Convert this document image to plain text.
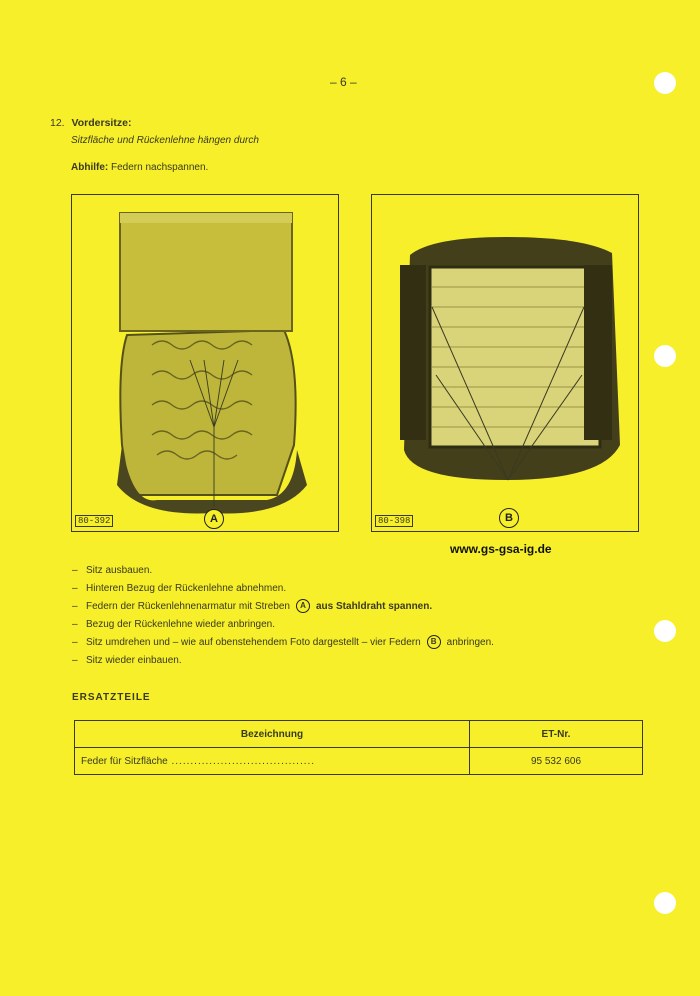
– 6 –
12. Vordersitze:
Sitzfläche und Rückenlehne hängen durch
Abhilfe: Federn nachspannen.
80-392	A	80-398	B
www.gs-gsa-ig.de
– Sitz ausbauen.
– Hinteren Bezug der Rückenlehne abnehmen.
– Federn der Rückenlehnenarmatur mit Streben A aus Stahldraht spannen.
– Bezug der Rückenlehne wieder anbringen.
– Sitz umdrehen und – wie auf obenstehendem Foto dargestellt – vier Federn B anbringen.
– Sitz wieder einbauen.
ERSATZTEILE
Bezeichnung	ET-Nr.
Feder für Sitzfläche ......................................	95 532 606
